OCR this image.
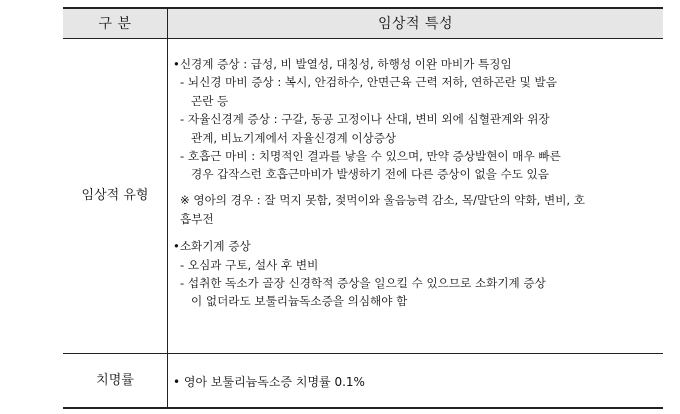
구 분	임상적 특성
임상적 유형

•신경계 증상 : 급성, 비 발열성, 대칭성, 하행성 이완 마비가 특징임

- 뇌신경 마비 증상 : 복시, 안검하수, 안면근육 근력 저하, 연하곤란 및 발음

곤란 등

- 자율신경계 증상 : 구갈, 동공 고정이나 산대, 변비 외에 심혈관계와 위장

관계, 비뇨기계에서 자율신경계 이상증상

- 호흡근 마비 : 치명적인 결과를 낳을 수 있으며, 만약 증상발현이 매우 빠른

경우 갑작스런 호흡근마비가 발생하기 전에 다른 증상이 없을 수도 있음

※ 영아의 경우 : 잘 먹지 못함, 젖먹이와 울음능력 감소, 목/말단의 약화, 변비, 호

흡부전

•소화기계 증상

- 오심과 구토, 설사 후 변비

- 섭취한 독소가 골장 신경학적 증상을 일으킬 수 있으므로 소화기계 증상

이 없더라도 보툴리늄독소증을 의심해야 함

치명률	• 영아 보툴리늄독소증 치명률 0.1%
